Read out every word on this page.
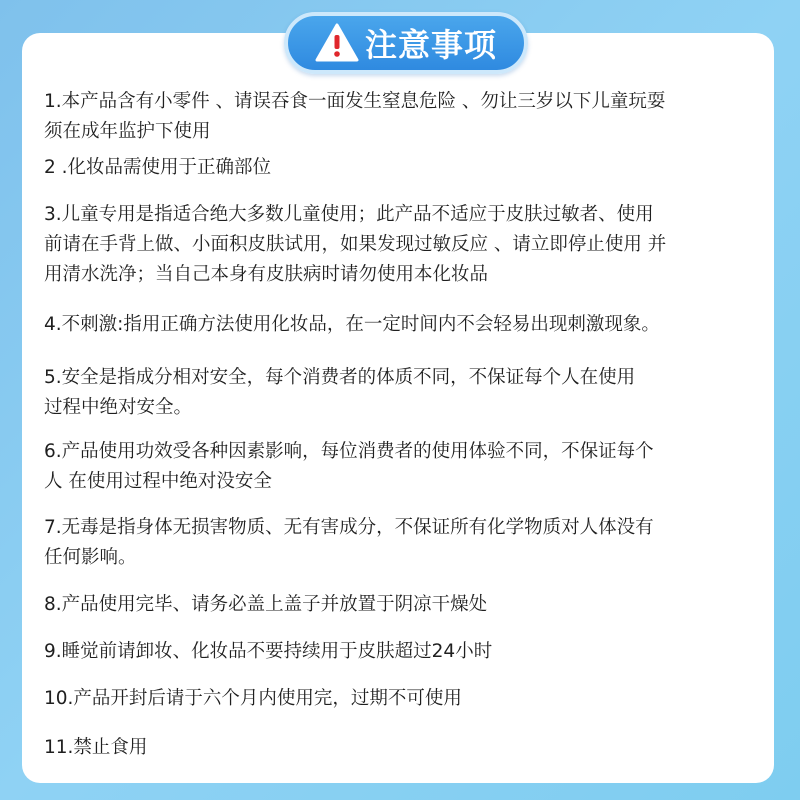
注意事项

1.本产品含有小零件 、请误吞食一面发生窒息危险 、勿让三岁以下儿童玩耍
须在成年监护下使用

2 .化妆品需使用于正确部位

3.儿童专用是指适合绝大多数儿童使用；此产品不适应于皮肤过敏者、使用
前请在手背上做、小面积皮肤试用，如果发现过敏反应 、请立即停止使用 并
用清水洗净；当自己本身有皮肤病时请勿使用本化妆品

4.不刺激:指用正确方法使用化妆品，在一定时间内不会轻易出现刺激现象。

5.安全是指成分相对安全，每个消费者的体质不同，不保证每个人在使用
过程中绝对安全。

6.产品使用功效受各种因素影响，每位消费者的使用体验不同，不保证每个
人 在使用过程中绝对没安全

7.无毒是指身体无损害物质、无有害成分，不保证所有化学物质对人体没有
任何影响。

8.产品使用完毕、请务必盖上盖子并放置于阴凉干燥处

9.睡觉前请卸妆、化妆品不要持续用于皮肤超过24小时

10.产品开封后请于六个月内使用完，过期不可使用

11.禁止食用
